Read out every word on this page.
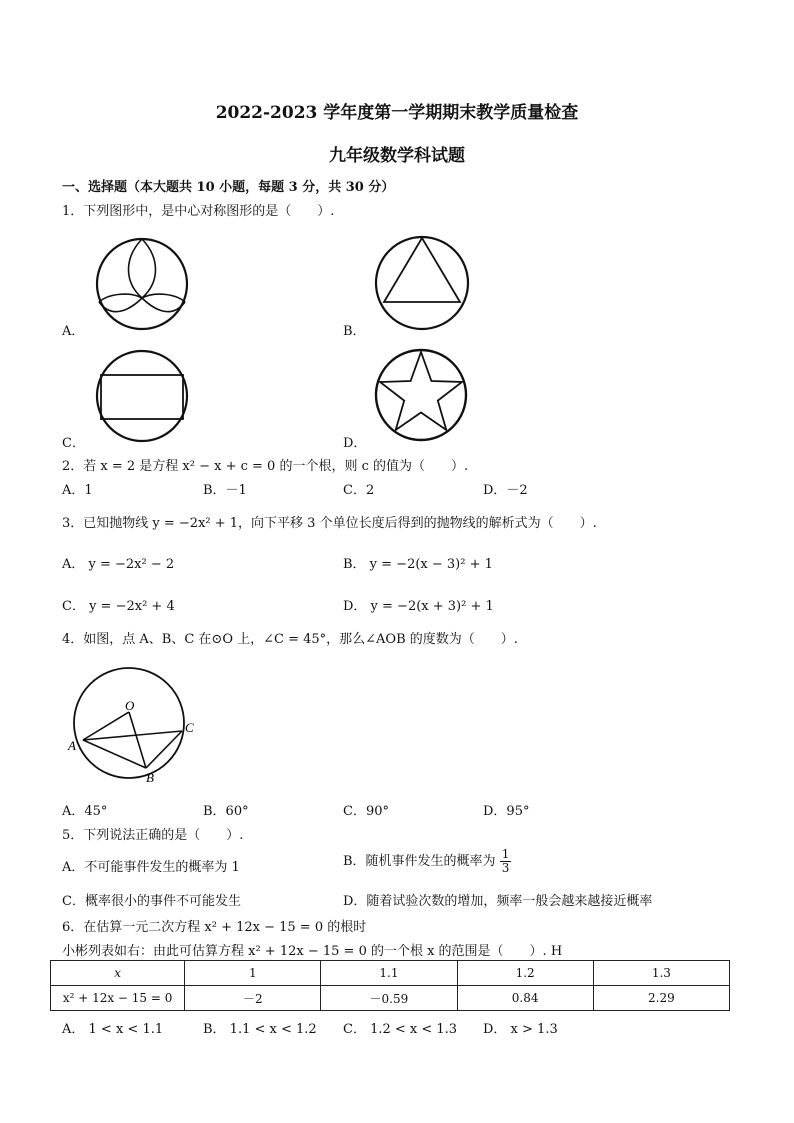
2022-2023 学年度第一学期期末教学质量检查
九年级数学科试题
一、选择题（本大题共 10 小题，每题 3 分，共 30 分）
1．下列图形中，是中心对称图形的是（　　）.
A．	B．
C．	D．
2．若 x = 2 是方程 x² − x + c = 0 的一个根，则 c 的值为（　　）.
A．1	B．－1	C．2	D．－2
3．已知抛物线 y = −2x² + 1，向下平移 3 个单位长度后得到的抛物线的解析式为（　　）.
A． y = −2x² − 2	B． y = −2(x − 3)² + 1
C． y = −2x² + 4	D． y = −2(x + 3)² + 1
4．如图，点 A、B、C 在⊙O 上，∠C = 45°，那么∠AOB 的度数为（　　）.
O
A
B
C
A．45°	B．60°	C．90°	D．95°
5．下列说法正确的是（　　）.
A．不可能事件发生的概率为 1	B．随机事件发生的概率为 $\frac{1}{3}$
C．概率很小的事件不可能发生	D．随着试验次数的增加，频率一般会越来越接近概率
6．在估算一元二次方程 x² + 12x − 15 = 0 的根时
小彬列表如右：由此可估算方程 x² + 12x − 15 = 0 的一个根 x 的范围是（　　）. H
x	1	1.1	1.2	1.3
x² + 12x − 15 = 0	－2	－0.59	0.84	2.29
A． 1 < x < 1.1	B． 1.1 < x < 1.2 C． 1.2 < x < 1.3 D． x > 1.3
